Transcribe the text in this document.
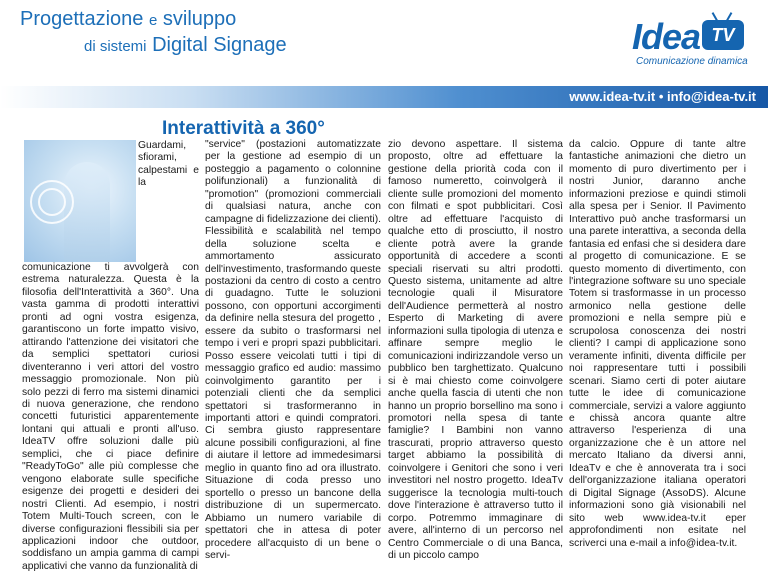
Progettazione e sviluppo
di sistemi Digital Signage	Idea TV
Comunicazione dinamica
www.idea-tv.it • info@idea-tv.it
Interattività a 360°
Guardami, sfiorami, calpestami e la comunicazione ti avvolgerà con estrema naturalezza. Questa è la filosofia dell'Interattività a 360°. Una vasta gamma di prodotti interattivi pronti ad ogni vostra esigenza, garantiscono un forte impatto visivo, attirando l'attenzione dei visitatori che da semplici spettatori curiosi diventeranno i veri attori del vostro messaggio promozionale. Non più solo pezzi di ferro ma sistemi dinamici di nuova generazione, che rendono concetti futuristici apparentemente lontani qui attuali e pronti all'uso. IdeaTV offre soluzioni dalle più semplici, che ci piace definire "ReadyToGo" alle più complesse che vengono elaborate sulle specifiche esigenze dei progetti e desideri dei nostri Clienti. Ad esempio, i nostri Totem Multi-Touch screen, con le diverse configurazioni flessibili sia per applicazioni indoor che outdoor, soddisfano un ampia gamma di campi applicativi che vanno da funzionalità di
"service" (postazioni automatizzate per la gestione ad esempio di un posteggio a pagamento o colonnine polifunzionali) a funzionalità di "promotion" (promozioni commerciali di qualsiasi natura, anche con campagne di fidelizzazione dei clienti). Flessibilità e scalabilità nel tempo della soluzione scelta e ammortamento assicurato dell'investimento, trasformando queste postazioni da centro di costo a centro di guadagno. Tutte le soluzioni possono, con opportuni accorgimenti da definire nella stesura del progetto , essere da subito o trasformarsi nel tempo i veri e propri spazi pubblicitari. Posso essere veicolati tutti i tipi di messaggio grafico ed audio: massimo coinvolgimento garantito per i potenziali clienti che da semplici spettatori si trasformeranno in importanti attori e quindi compratori. Ci sembra giusto rappresentare alcune possibili configurazioni, al fine di aiutare il lettore ad immedesimarsi meglio in quanto fino ad ora illustrato. Situazione di coda presso uno sportello o presso un bancone della distribuzione di un supermercato. Abbiamo un numero variabile di spettatori che in attesa di poter procedere all'acquisto di un bene o servi-
zio devono aspettare. Il sistema proposto, oltre ad effettuare la gestione della priorità coda con il famoso numeretto, coinvolgerà il cliente sulle promozioni del momento con filmati e spot pubblicitari. Così oltre ad effettuare l'acquisto di qualche etto di prosciutto, il nostro cliente potrà avere la grande opportunità di accedere a sconti speciali riservati su altri prodotti. Questo sistema, unitamente ad altre tecnologie quali il Misuratore dell'Audience permetterà al nostro Esperto di Marketing di avere informazioni sulla tipologia di utenza e affinare sempre meglio le comunicazioni indirizzandole verso un pubblico ben targhettizato. Qualcuno si è mai chiesto come coinvolgere anche quella fascia di utenti che non hanno un proprio borsellino ma sono i promotori nella spesa di tante famiglie? I Bambini non vanno trascurati, proprio attraverso questo target abbiamo la possibilità di coinvolgere i Genitori che sono i veri investitori nel nostro progetto. IdeaTv suggerisce la tecnologia multi-touch dove l'interazione è attraverso tutto il corpo. Potremmo immaginare di avere, all'interno di un percorso nel Centro Commerciale o di una Banca, di un piccolo campo
da calcio. Oppure di tante altre fantastiche animazioni che dietro un momento di puro divertimento per i nostri Junior, daranno anche informazioni preziose e quindi stimoli alla spesa per i Senior. Il Pavimento Interattivo può anche trasformarsi un una parete interattiva, a seconda della fantasia ed enfasi che si desidera dare al progetto di comunicazione. E se questo momento di divertimento, con l'integrazione software su uno speciale Totem si trasformasse in un processo armonico nella gestione delle promozioni e nella sempre più e scrupolosa conoscenza dei nostri clienti? I campi di applicazione sono veramente infiniti, diventa difficile per noi rappresentare tutti i possibili scenari. Siamo certi di poter aiutare tutte le idee di comunicazione commerciale, servizi a valore aggiunto e chissà ancora quante altre attraverso l'esperienza di una organizzazione che è un attore nel mercato Italiano da diversi anni, IdeaTv e che è annoverata tra i soci dell'organizzazione italiana operatori di Digital Signage (AssoDS). Alcune informazioni sono già visionabili nel sito web www.idea-tv.it eper approfondimenti non esitate nel scriverci una e-mail a info@idea-tv.it.
